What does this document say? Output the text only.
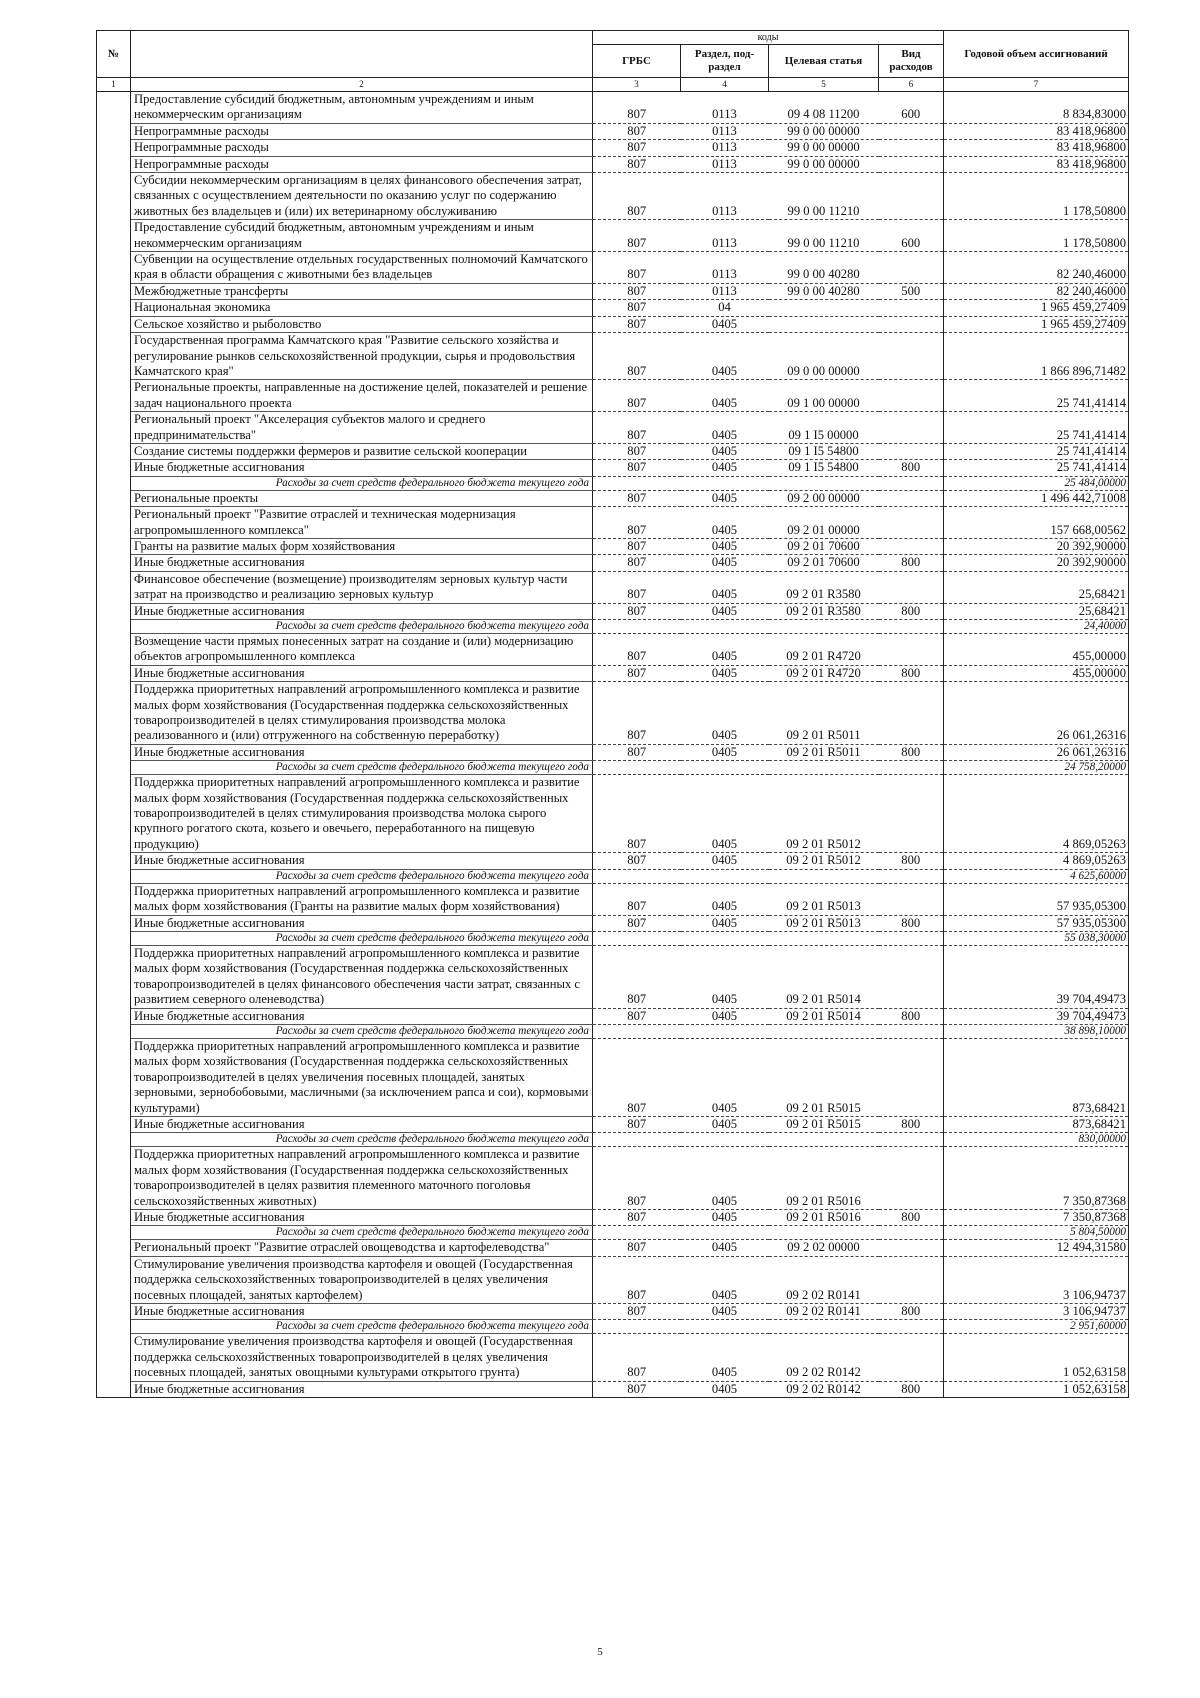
№		коды				Годовой объем ассигнований
		ГРБС	Раздел, под-раздел	Целевая статья	Вид расходов	
1	2	3	4	5	6	7
	Предоставление субсидий бюджетным, автономным учреждениям и иным некоммерческим организациям	807	0113	09 4 08 11200	600	8 834,83000
	Непрограммные расходы	807	0113	99 0 00 00000		83 418,96800
	Непрограммные расходы	807	0113	99 0 00 00000		83 418,96800
	Непрограммные расходы	807	0113	99 0 00 00000		83 418,96800
	Субсидии некоммерческим организациям в целях финансового обеспечения затрат, связанных с осуществлением деятельности по оказанию услуг по содержанию животных без владельцев и (или) их ветеринарному обслуживанию	807	0113	99 0 00 11210		1 178,50800
	Предоставление субсидий бюджетным, автономным учреждениям и иным некоммерческим организациям	807	0113	99 0 00 11210	600	1 178,50800
	Субвенции на осуществление отдельных государственных полномочий Камчатского края в области обращения с животными без владельцев	807	0113	99 0 00 40280		82 240,46000
	Межбюджетные трансферты	807	0113	99 0 00 40280	500	82 240,46000
	Национальная экономика	807	04			1 965 459,27409
	Сельское хозяйство и рыболовство	807	0405			1 965 459,27409
	Государственная программа Камчатского края "Развитие сельского хозяйства и регулирование рынков сельскохозяйственной продукции, сырья и продовольствия Камчатского края"	807	0405	09 0 00 00000		1 866 896,71482
	Региональные проекты, направленные на достижение целей, показателей и решение задач национального проекта	807	0405	09 1 00 00000		25 741,41414
	Региональный проект "Акселерация субъектов малого и среднего предпринимательства"	807	0405	09 1 I5 00000		25 741,41414
	Создание системы поддержки фермеров и развитие сельской кооперации	807	0405	09 1 I5 54800		25 741,41414
	Иные бюджетные ассигнования	807	0405	09 1 I5 54800	800	25 741,41414
	Расходы за счет средств федерального бюджета текущего года					25 484,00000
	Региональные проекты	807	0405	09 2 00 00000		1 496 442,71008
	Региональный проект "Развитие отраслей и техническая модернизация агропромышленного комплекса"	807	0405	09 2 01 00000		157 668,00562
	Гранты на развитие малых форм хозяйствования	807	0405	09 2 01 70600		20 392,90000
	Иные бюджетные ассигнования	807	0405	09 2 01 70600	800	20 392,90000
	Финансовое обеспечение (возмещение) производителям зерновых культур части затрат на производство и реализацию зерновых культур	807	0405	09 2 01 R3580		25,68421
	Иные бюджетные ассигнования	807	0405	09 2 01 R3580	800	25,68421
	Расходы за счет средств федерального бюджета текущего года					24,40000
	Возмещение части прямых понесенных затрат на создание и (или) модернизацию объектов агропромышленного комплекса	807	0405	09 2 01 R4720		455,00000
	Иные бюджетные ассигнования	807	0405	09 2 01 R4720	800	455,00000
	Поддержка приоритетных направлений агропромышленного комплекса и развитие малых форм хозяйствования (Государственная поддержка сельскохозяйственных товаропроизводителей в целях стимулирования производства молока реализованного и (или) отгруженного на собственную переработку)	807	0405	09 2 01 R5011		26 061,26316
	Иные бюджетные ассигнования	807	0405	09 2 01 R5011	800	26 061,26316
	Расходы за счет средств федерального бюджета текущего года					24 758,20000
	Поддержка приоритетных направлений агропромышленного комплекса и развитие малых форм хозяйствования (Государственная поддержка сельскохозяйственных товаропроизводителей в целях стимулирования производства молока сырого крупного рогатого скота, козьего и овечьего, переработанного на пищевую продукцию)	807	0405	09 2 01 R5012		4 869,05263
	Иные бюджетные ассигнования	807	0405	09 2 01 R5012	800	4 869,05263
	Расходы за счет средств федерального бюджета текущего года					4 625,60000
	Поддержка приоритетных направлений агропромышленного комплекса и развитие малых форм хозяйствования (Гранты на развитие малых форм хозяйствования)	807	0405	09 2 01 R5013		57 935,05300
	Иные бюджетные ассигнования	807	0405	09 2 01 R5013	800	57 935,05300
	Расходы за счет средств федерального бюджета текущего года					55 038,30000
	Поддержка приоритетных направлений агропромышленного комплекса и развитие малых форм хозяйствования (Государственная поддержка сельскохозяйственных товаропроизводителей в целях финансового обеспечения части затрат, связанных с развитием северного оленеводства)	807	0405	09 2 01 R5014		39 704,49473
	Иные бюджетные ассигнования	807	0405	09 2 01 R5014	800	39 704,49473
	Расходы за счет средств федерального бюджета текущего года					38 898,10000
	Поддержка приоритетных направлений агропромышленного комплекса и развитие малых форм хозяйствования (Государственная поддержка сельскохозяйственных товаропроизводителей в целях увеличения посевных площадей, занятых зерновыми, зернобобовыми, масличными (за исключением рапса и сои), кормовыми культурами)	807	0405	09 2 01 R5015		873,68421
	Иные бюджетные ассигнования	807	0405	09 2 01 R5015	800	873,68421
	Расходы за счет средств федерального бюджета текущего года					830,00000
	Поддержка приоритетных направлений агропромышленного комплекса и развитие малых форм хозяйствования (Государственная поддержка сельскохозяйственных товаропроизводителей в целях развития племенного маточного поголовья сельскохозяйственных животных)	807	0405	09 2 01 R5016		7 350,87368
	Иные бюджетные ассигнования	807	0405	09 2 01 R5016	800	7 350,87368
	Расходы за счет средств федерального бюджета текущего года					5 804,50000
	Региональный проект "Развитие отраслей овощеводства и картофелеводства"	807	0405	09 2 02 00000		12 494,31580
	Стимулирование увеличения производства картофеля и овощей (Государственная поддержка сельскохозяйственных товаропроизводителей в целях увеличения посевных площадей, занятых картофелем)	807	0405	09 2 02 R0141		3 106,94737
	Иные бюджетные ассигнования	807	0405	09 2 02 R0141	800	3 106,94737
	Расходы за счет средств федерального бюджета текущего года					2 951,60000
	Стимулирование увеличения производства картофеля и овощей (Государственная поддержка сельскохозяйственных товаропроизводителей в целях увеличения посевных площадей, занятых овощными культурами открытого грунта)	807	0405	09 2 02 R0142		1 052,63158
	Иные бюджетные ассигнования	807	0405	09 2 02 R0142	800	1 052,63158
5
